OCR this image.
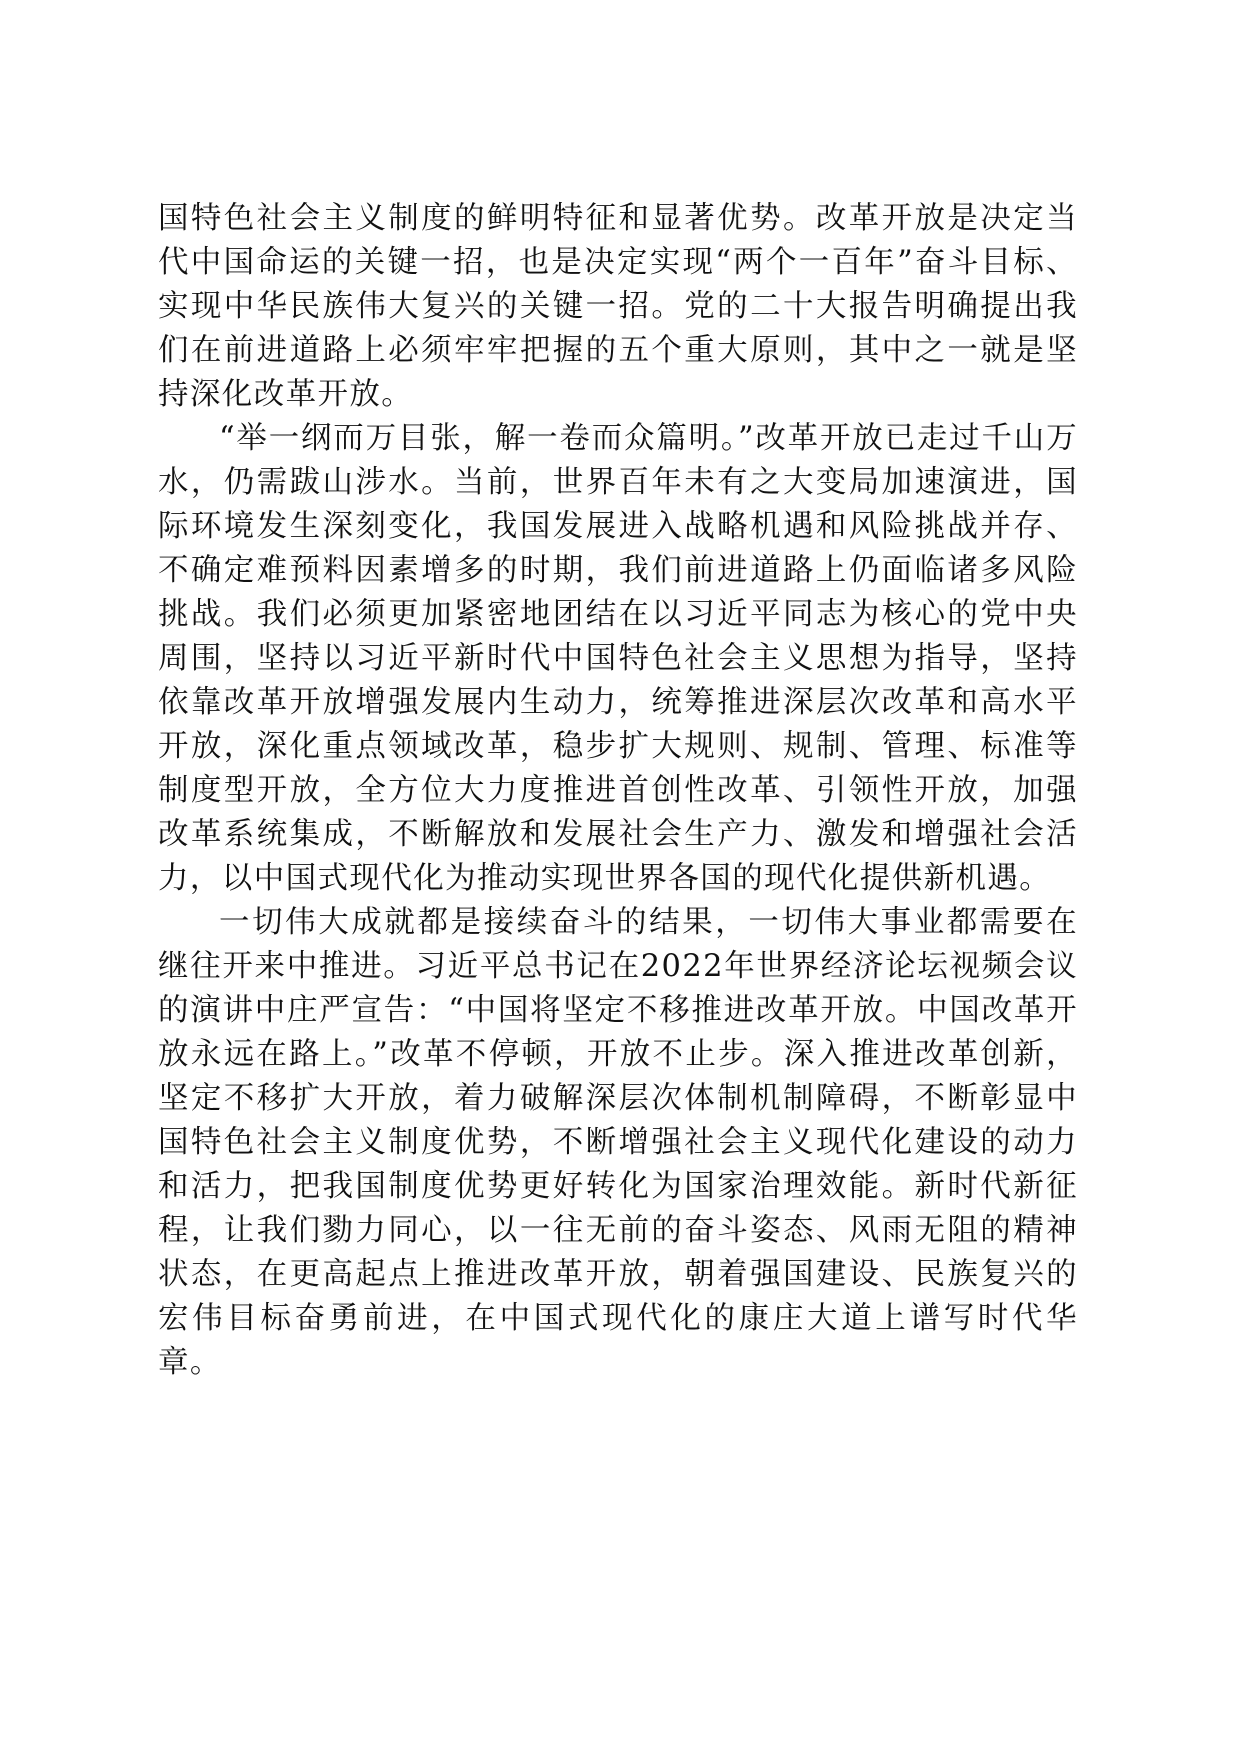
国特色社会主义制度的鲜明特征和显著优势。改革开放是决定当代中国命运的关键一招，也是决定实现“两个一百年”奋斗目标、实现中华民族伟大复兴的关键一招。党的二十大报告明确提出我们在前进道路上必须牢牢把握的五个重大原则，其中之一就是坚持深化改革开放。

“举一纲而万目张，解一卷而众篇明。”改革开放已走过千山万水，仍需跋山涉水。当前，世界百年未有之大变局加速演进，国际环境发生深刻变化，我国发展进入战略机遇和风险挑战并存、不确定难预料因素增多的时期，我们前进道路上仍面临诸多风险挑战。我们必须更加紧密地团结在以习近平同志为核心的党中央周围，坚持以习近平新时代中国特色社会主义思想为指导，坚持依靠改革开放增强发展内生动力，统筹推进深层次改革和高水平开放，深化重点领域改革，稳步扩大规则、规制、管理、标准等制度型开放，全方位大力度推进首创性改革、引领性开放，加强改革系统集成，不断解放和发展社会生产力、激发和增强社会活力，以中国式现代化为推动实现世界各国的现代化提供新机遇。

一切伟大成就都是接续奋斗的结果，一切伟大事业都需要在继往开来中推进。习近平总书记在2022年世界经济论坛视频会议的演讲中庄严宣告：“中国将坚定不移推进改革开放。中国改革开放永远在路上。”改革不停顿，开放不止步。深入推进改革创新，坚定不移扩大开放，着力破解深层次体制机制障碍，不断彰显中国特色社会主义制度优势，不断增强社会主义现代化建设的动力和活力，把我国制度优势更好转化为国家治理效能。新时代新征程，让我们勠力同心，以一往无前的奋斗姿态、风雨无阻的精神状态，在更高起点上推进改革开放，朝着强国建设、民族复兴的宏伟目标奋勇前进，在中国式现代化的康庄大道上谱写时代华章。
